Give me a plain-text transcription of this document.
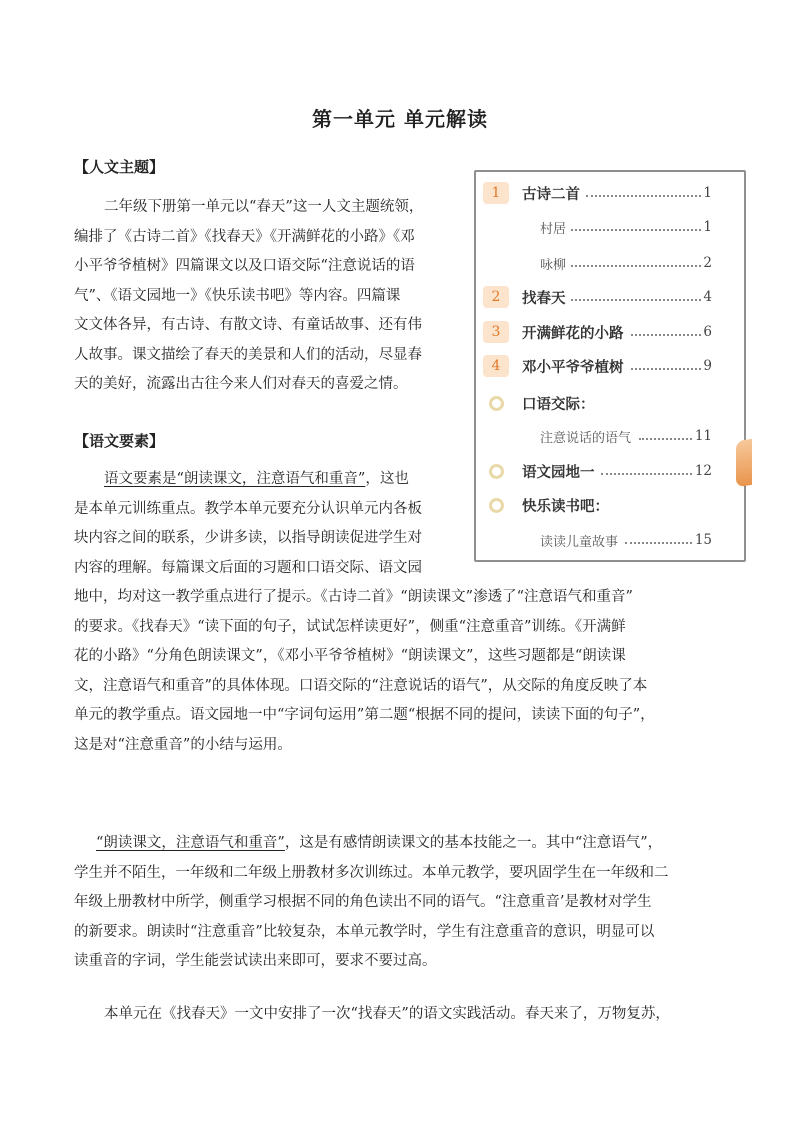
第一单元 单元解读
【人文主题】
二年级下册第一单元以“春天”这一人文主题统领，
编排了《古诗二首》《找春天》《开满鲜花的小路》《邓
小平爷爷植树》四篇课文以及口语交际“注意说话的语
气”、《语文园地一》《快乐读书吧》等内容。四篇课
文文体各异，有古诗、有散文诗、有童话故事、还有伟
人故事。课文描绘了春天的美景和人们的活动，尽显春
天的美好，流露出古往今来人们对春天的喜爱之情。
【语文要素】
语文要素是“朗读课文，注意语气和重音”，这也
是本单元训练重点。教学本单元要充分认识单元内各板
块内容之间的联系，少讲多读，以指导朗读促进学生对
内容的理解。每篇课文后面的习题和口语交际、语文园
地中，均对这一教学重点进行了提示。《古诗二首》“朗读课文”渗透了“注意语气和重音”
的要求。《找春天》“读下面的句子，试试怎样读更好”，侧重“注意重音”训练。《开满鲜
花的小路》“分角色朗读课文”，《邓小平爷爷植树》“朗读课文”，这些习题都是“朗读课
文，注意语气和重音”的具体体现。口语交际的“注意说话的语气”，从交际的角度反映了本
单元的教学重点。语文园地一中“字词句运用”第二题“根据不同的提问，读读下面的句子”，
这是对“注意重音”的小结与运用。
“朗读课文，注意语气和重音”，这是有感情朗读课文的基本技能之一。其中“注意语气”，
学生并不陌生，一年级和二年级上册教材多次训练过。本单元教学，要巩固学生在一年级和二
年级上册教材中所学，侧重学习根据不同的角色读出不同的语气。“注意重音’是教材对学生
的新要求。朗读时“注意重音”比较复杂，本单元教学时，学生有注意重音的意识，明显可以
读重音的字词，学生能尝试读出来即可，要求不要过高。
本单元在《找春天》一文中安排了一次“找春天”的语文实践活动。春天来了，万物复苏，
1	古诗二首	1
村居	1
咏柳	2
2	找春天	4
3	开满鲜花的小路	6
4	邓小平爷爷植树	9
口语交际：
注意说话的语气	11
语文园地一	12
快乐读书吧：
读读儿童故事	15
